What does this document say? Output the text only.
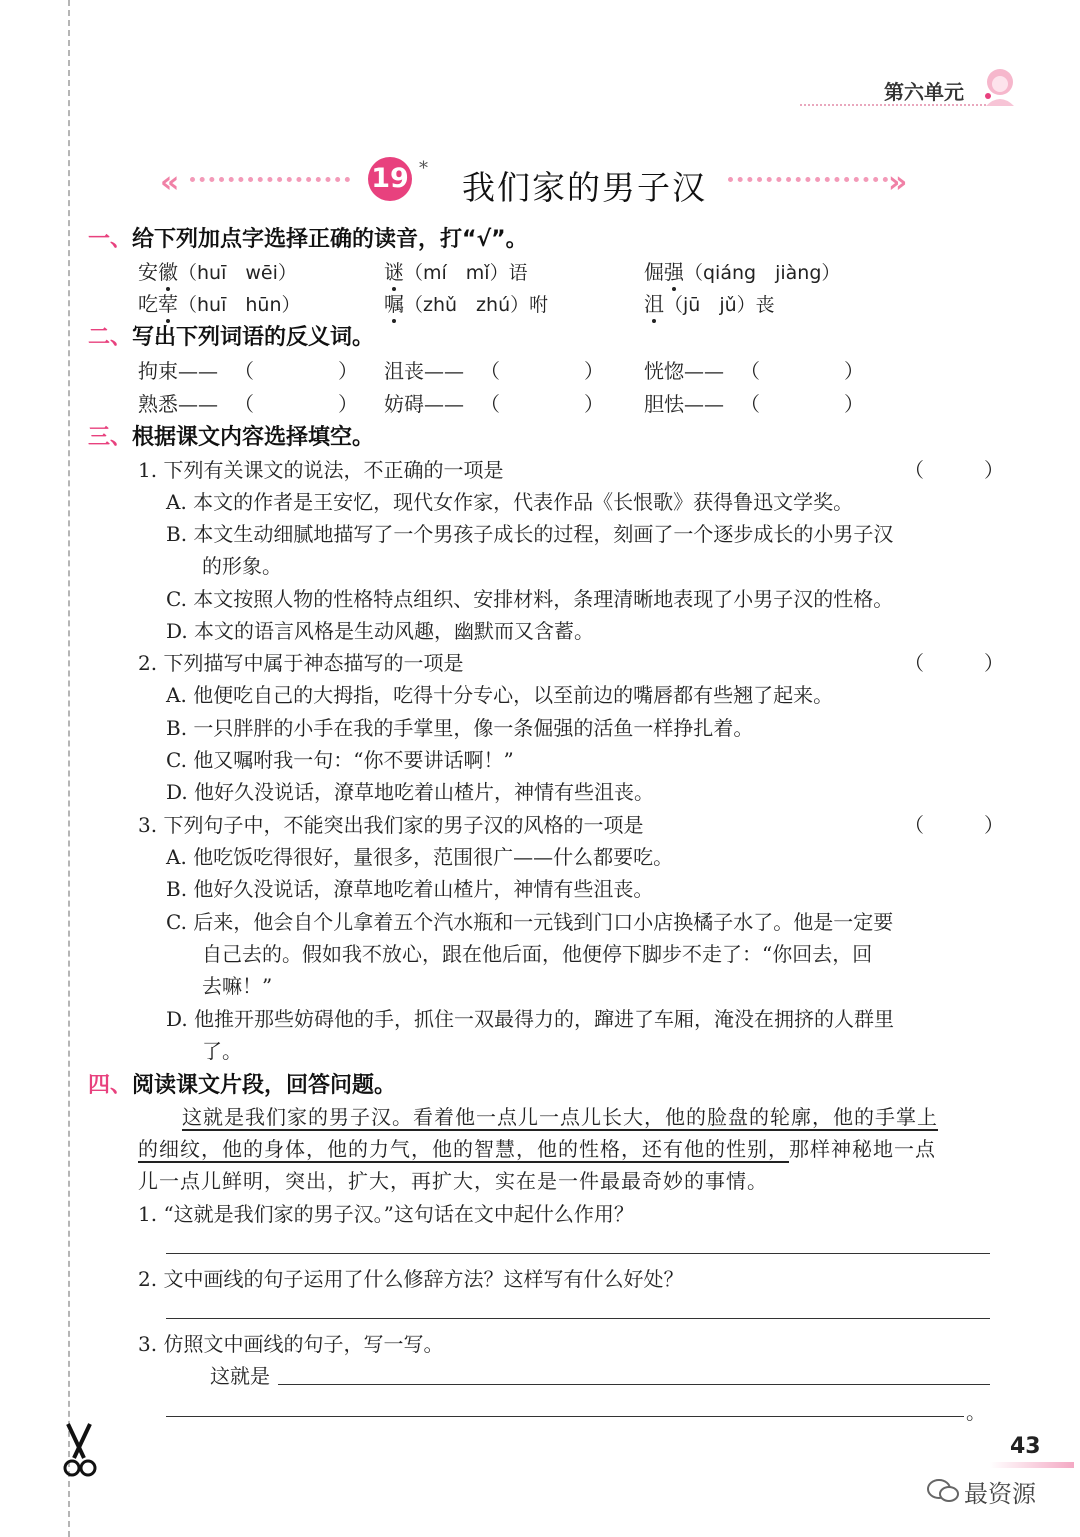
第六单元
«	19 * 我们家的男子汉	»
一、给下列加点字选择正确的读音，打“√”。
安徽（huī　wēi）	谜（mí　mǐ）语	倔强（qiáng　jiàng）
吃荤（huī　hūn）	嘱（zhǔ　zhú）咐	沮（jū　jǔ）丧
二、写出下列词语的反义词。
拘束—— （	） 沮丧—— （	） 恍惚—— （	）
熟悉—— （	） 妨碍—— （	） 胆怯—— （	）
三、根据课文内容选择填空。
1. 下列有关课文的说法，不正确的一项是	（　　　）
A. 本文的作者是王安忆，现代女作家，代表作品《长恨歌》获得鲁迅文学奖。
B. 本文生动细腻地描写了一个男孩子成长的过程，刻画了一个逐步成长的小男子汉
的形象。
C. 本文按照人物的性格特点组织、安排材料，条理清晰地表现了小男子汉的性格。
D. 本文的语言风格是生动风趣，幽默而又含蓄。
2. 下列描写中属于神态描写的一项是	（　　　）
A. 他便吃自己的大拇指，吃得十分专心，以至前边的嘴唇都有些翘了起来。
B. 一只胖胖的小手在我的手掌里，像一条倔强的活鱼一样挣扎着。
C. 他又嘱咐我一句：“你不要讲话啊！”
D. 他好久没说话，潦草地吃着山楂片，神情有些沮丧。
3. 下列句子中，不能突出我们家的男子汉的风格的一项是	（　　　）
A. 他吃饭吃得很好，量很多，范围很广——什么都要吃。
B. 他好久没说话，潦草地吃着山楂片，神情有些沮丧。
C. 后来，他会自个儿拿着五个汽水瓶和一元钱到门口小店换橘子水了。他是一定要
自己去的。假如我不放心，跟在他后面，他便停下脚步不走了：“你回去，回
去嘛！”
D. 他推开那些妨碍他的手，抓住一双最得力的，蹿进了车厢，淹没在拥挤的人群里
了。
四、阅读课文片段，回答问题。
这就是我们家的男子汉。看着他一点儿一点儿长大，他的脸盘的轮廓，他的手掌上
的细纹，他的身体，他的力气，他的智慧，他的性格，还有他的性别，那样神秘地一点
儿一点儿鲜明，突出，扩大，再扩大，实在是一件最最奇妙的事情。
1. “这就是我们家的男子汉。”这句话在文中起什么作用？
2. 文中画线的句子运用了什么修辞方法？这样写有什么好处？
3. 仿照文中画线的句子，写一写。
这就是
。
43
最资源
